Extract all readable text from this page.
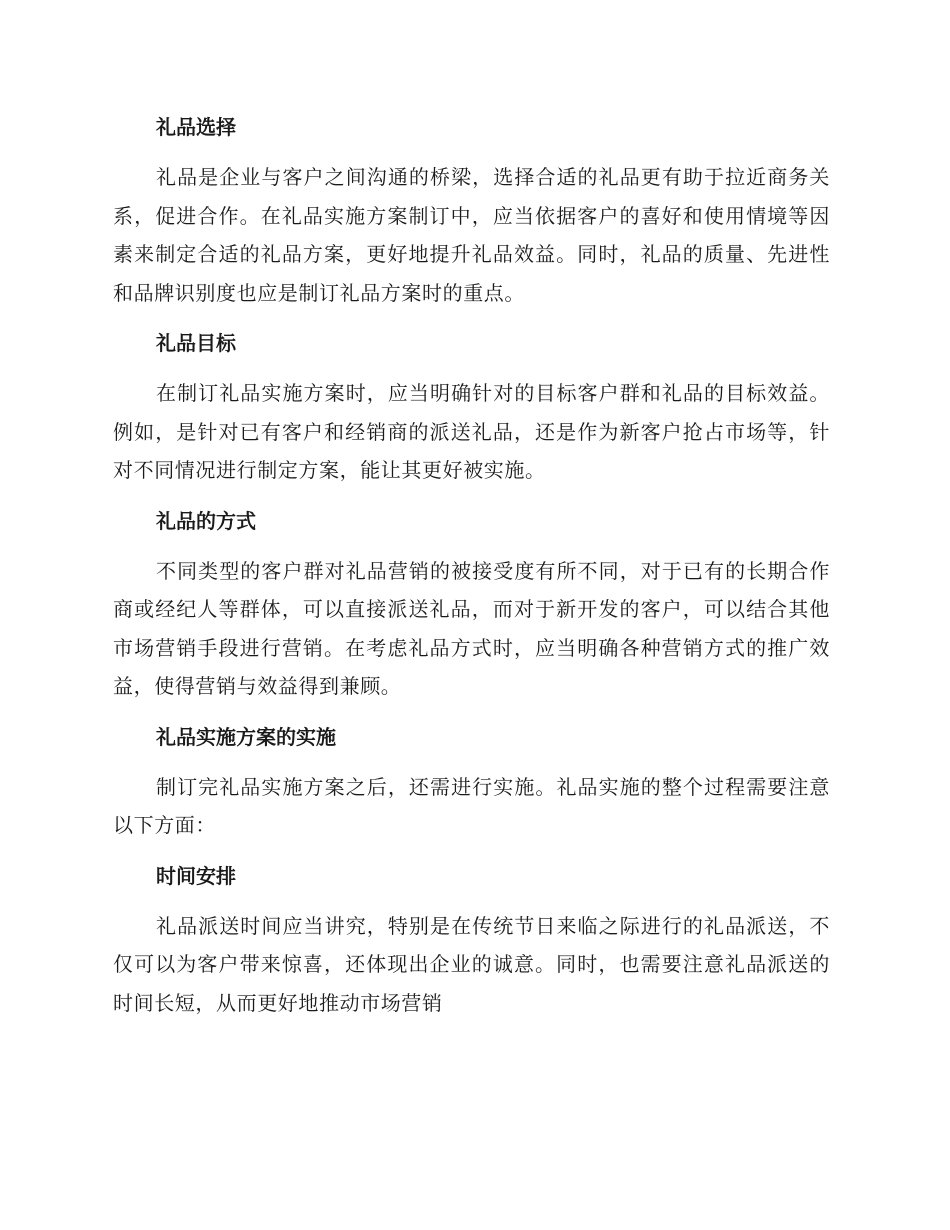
礼品选择

礼品是企业与客户之间沟通的桥梁，选择合适的礼品更有助于拉近商务关系，促进合作。在礼品实施方案制订中，应当依据客户的喜好和使用情境等因素来制定合适的礼品方案，更好地提升礼品效益。同时，礼品的质量、先进性和品牌识别度也应是制订礼品方案时的重点。

礼品目标

在制订礼品实施方案时，应当明确针对的目标客户群和礼品的目标效益。例如，是针对已有客户和经销商的派送礼品，还是作为新客户抢占市场等，针对不同情况进行制定方案，能让其更好被实施。

礼品的方式

不同类型的客户群对礼品营销的被接受度有所不同，对于已有的长期合作商或经纪人等群体，可以直接派送礼品，而对于新开发的客户，可以结合其他市场营销手段进行营销。在考虑礼品方式时，应当明确各种营销方式的推广效益，使得营销与效益得到兼顾。

礼品实施方案的实施

制订完礼品实施方案之后，还需进行实施。礼品实施的整个过程需要注意以下方面：

时间安排

礼品派送时间应当讲究，特别是在传统节日来临之际进行的礼品派送，不仅可以为客户带来惊喜，还体现出企业的诚意。同时，也需要注意礼品派送的时间长短，从而更好地推动市场营销
